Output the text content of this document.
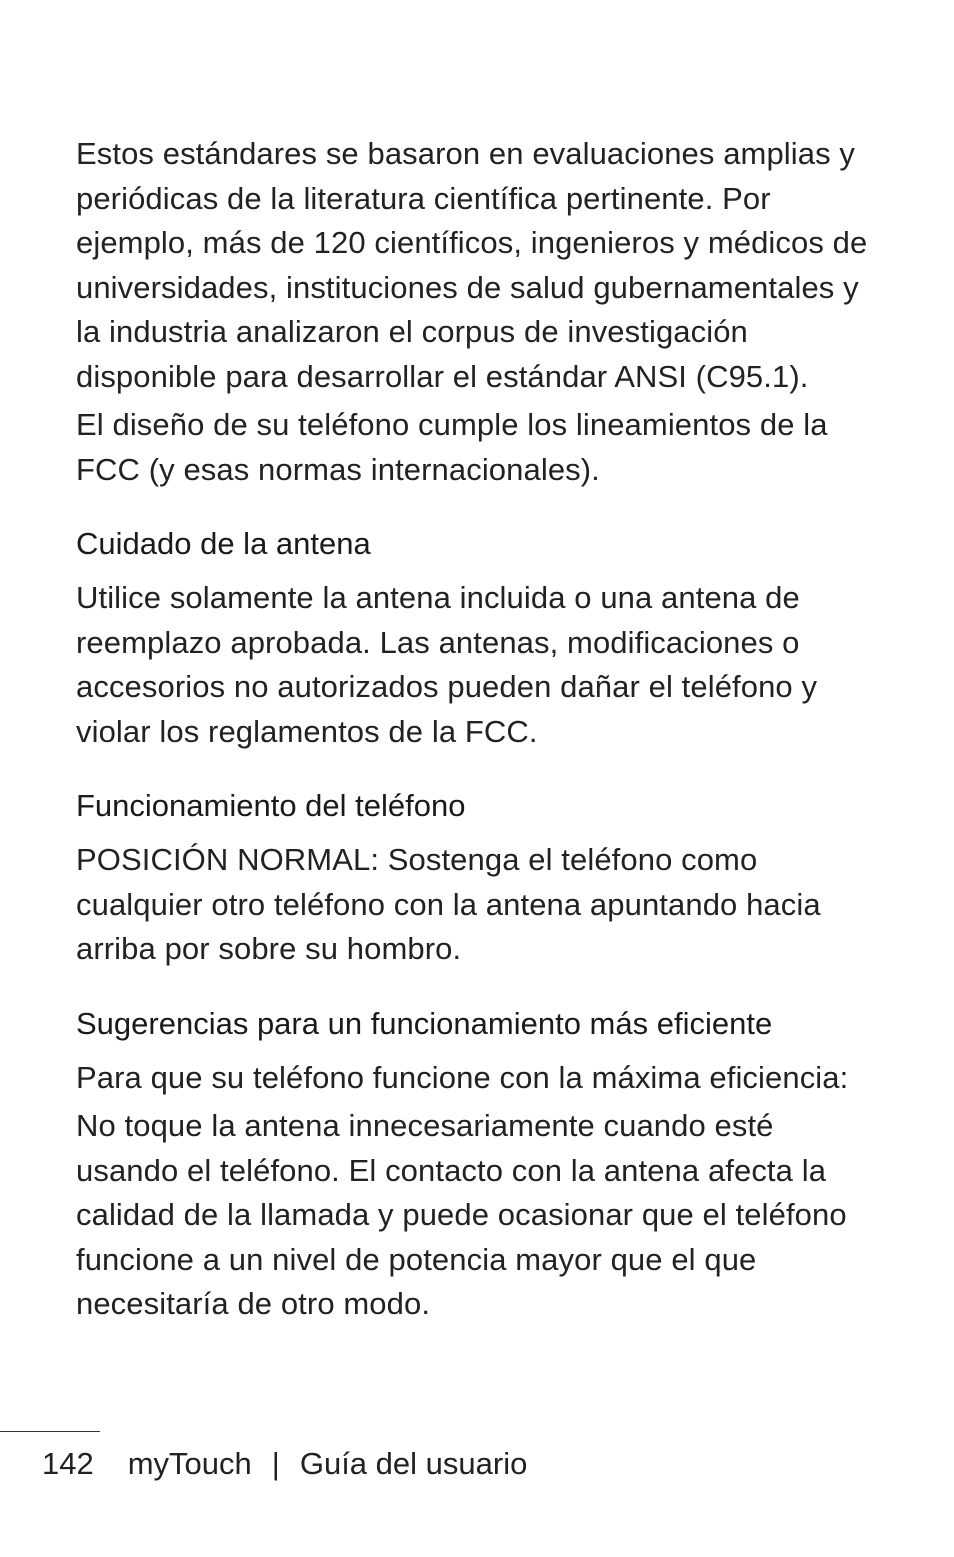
Estos estándares se basaron en evaluaciones amplias y periódicas de la literatura científica pertinente. Por ejemplo, más de 120 científicos, ingenieros y médicos de universidades, instituciones de salud gubernamentales y la industria analizaron el corpus de investigación disponible para desarrollar el estándar ANSI (C95.1).

El diseño de su teléfono cumple los lineamientos de la FCC (y esas normas internacionales).

Cuidado de la antena

Utilice solamente la antena incluida o una antena de reemplazo aprobada. Las antenas, modificaciones o accesorios no autorizados pueden dañar el teléfono y violar los reglamentos de la FCC.

Funcionamiento del teléfono

POSICIÓN NORMAL: Sostenga el teléfono como cualquier otro teléfono con la antena apuntando hacia arriba por sobre su hombro.

Sugerencias para un funcionamiento más eficiente

Para que su teléfono funcione con la máxima eficiencia:

No toque la antena innecesariamente cuando esté usando el teléfono. El contacto con la antena afecta la calidad de la llamada y puede ocasionar que el teléfono funcione a un nivel de potencia mayor que el que necesitaría de otro modo.

142 myTouch | Guía del usuario
